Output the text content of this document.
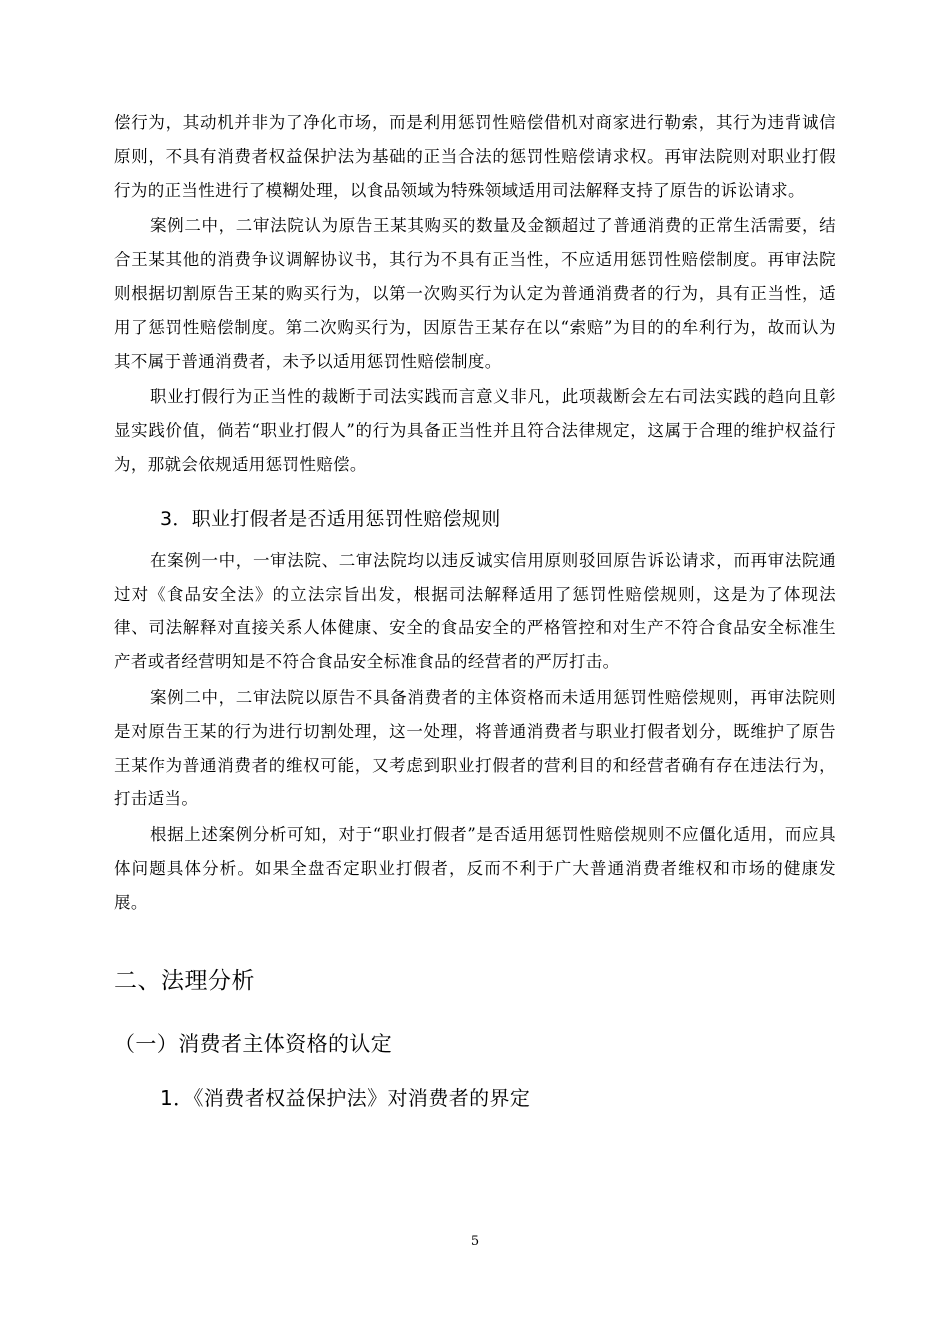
偿行为，其动机并非为了净化市场，而是利用惩罚性赔偿借机对商家进行勒索，其行为违背诚信原则，不具有消费者权益保护法为基础的正当合法的惩罚性赔偿请求权。再审法院则对职业打假行为的正当性进行了模糊处理，以食品领域为特殊领域适用司法解释支持了原告的诉讼请求。

案例二中，二审法院认为原告王某其购买的数量及金额超过了普通消费的正常生活需要，结合王某其他的消费争议调解协议书，其行为不具有正当性，不应适用惩罚性赔偿制度。再审法院则根据切割原告王某的购买行为，以第一次购买行为认定为普通消费者的行为，具有正当性，适用了惩罚性赔偿制度。第二次购买行为，因原告王某存在以“索赔”为目的的牟利行为，故而认为其不属于普通消费者，未予以适用惩罚性赔偿制度。

职业打假行为正当性的裁断于司法实践而言意义非凡，此项裁断会左右司法实践的趋向且彰显实践价值，倘若“职业打假人”的行为具备正当性并且符合法律规定，这属于合理的维护权益行为，那就会依规适用惩罚性赔偿。

3．职业打假者是否适用惩罚性赔偿规则

在案例一中，一审法院、二审法院均以违反诚实信用原则驳回原告诉讼请求，而再审法院通过对《食品安全法》的立法宗旨出发，根据司法解释适用了惩罚性赔偿规则，这是为了体现法律、司法解释对直接关系人体健康、安全的食品安全的严格管控和对生产不符合食品安全标准生产者或者经营明知是不符合食品安全标准食品的经营者的严厉打击。

案例二中，二审法院以原告不具备消费者的主体资格而未适用惩罚性赔偿规则，再审法院则是对原告王某的行为进行切割处理，这一处理，将普通消费者与职业打假者划分，既维护了原告王某作为普通消费者的维权可能，又考虑到职业打假者的营利目的和经营者确有存在违法行为，打击适当。

根据上述案例分析可知，对于“职业打假者”是否适用惩罚性赔偿规则不应僵化适用，而应具体问题具体分析。如果全盘否定职业打假者，反而不利于广大普通消费者维权和市场的健康发展。

二、法理分析

（一）消费者主体资格的认定

1．《消费者权益保护法》对消费者的界定

5
